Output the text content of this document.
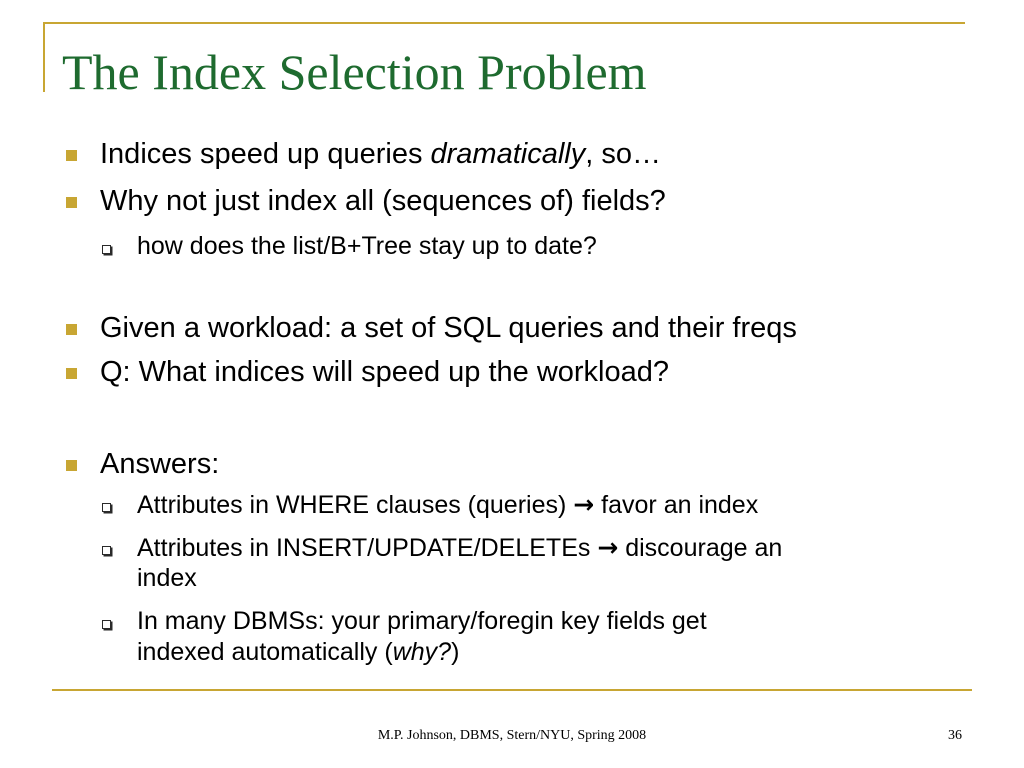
The Index Selection Problem
Indices speed up queries dramatically, so…
Why not just index all (sequences of) fields?
how does the list/B+Tree stay up to date?
Given a workload: a set of SQL queries and their freqs
Q: What indices will speed up the workload?
Answers:
Attributes in WHERE clauses (queries) → favor an index
Attributes in INSERT/UPDATE/DELETEs → discourage an
index
In many DBMSs: your primary/foregin key fields get
indexed automatically (why?)
M.P. Johnson, DBMS, Stern/NYU, Spring 2008	36
